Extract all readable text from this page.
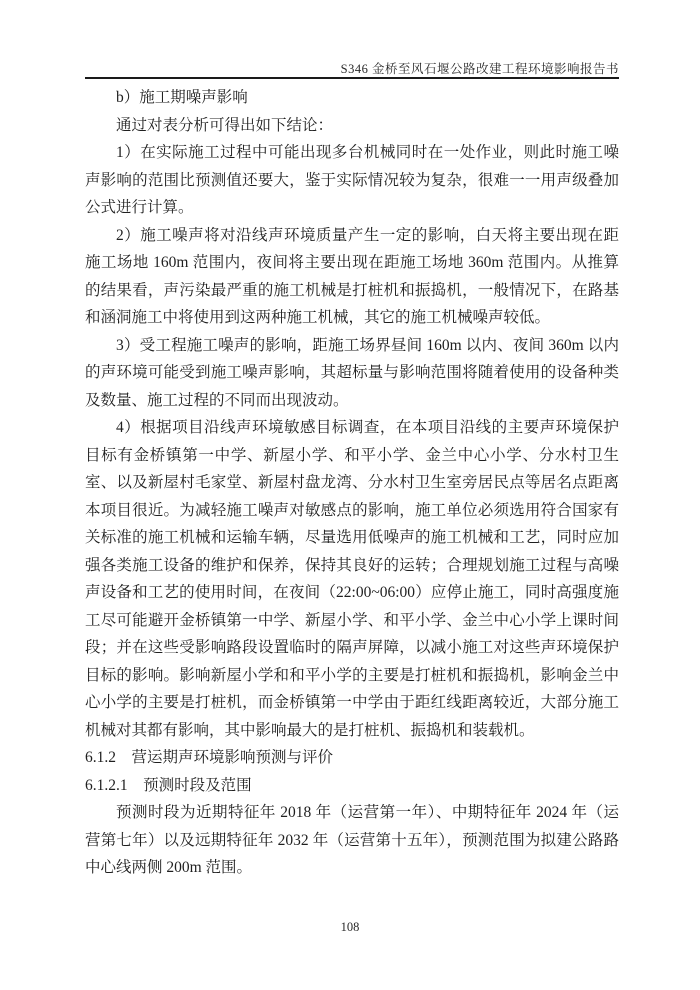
S346 金桥至风石堰公路改建工程环境影响报告书

b）施工期噪声影响

通过对表分析可得出如下结论：

1）在实际施工过程中可能出现多台机械同时在一处作业，则此时施工噪声影响的范围比预测值还要大，鉴于实际情况较为复杂，很难一一用声级叠加公式进行计算。

2）施工噪声将对沿线声环境质量产生一定的影响，白天将主要出现在距施工场地 160m 范围内，夜间将主要出现在距施工场地 360m 范围内。从推算的结果看，声污染最严重的施工机械是打桩机和振捣机，一般情况下，在路基和涵洞施工中将使用到这两种施工机械，其它的施工机械噪声较低。

3）受工程施工噪声的影响，距施工场界昼间 160m 以内、夜间 360m 以内的声环境可能受到施工噪声影响，其超标量与影响范围将随着使用的设备种类及数量、施工过程的不同而出现波动。

4）根据项目沿线声环境敏感目标调查，在本项目沿线的主要声环境保护目标有金桥镇第一中学、新屋小学、和平小学、金兰中心小学、分水村卫生室、以及新屋村毛家堂、新屋村盘龙湾、分水村卫生室旁居民点等居名点距离本项目很近。为减轻施工噪声对敏感点的影响，施工单位必须选用符合国家有关标准的施工机械和运输车辆，尽量选用低噪声的施工机械和工艺，同时应加强各类施工设备的维护和保养，保持其良好的运转；合理规划施工过程与高噪声设备和工艺的使用时间，在夜间（22:00~06:00）应停止施工，同时高强度施工尽可能避开金桥镇第一中学、新屋小学、和平小学、金兰中心小学上课时间段；并在这些受影响路段设置临时的隔声屏障，以减小施工对这些声环境保护目标的影响。影响新屋小学和和平小学的主要是打桩机和振捣机，影响金兰中心小学的主要是打桩机，而金桥镇第一中学由于距红线距离较近，大部分施工机械对其都有影响，其中影响最大的是打桩机、振捣机和装载机。

6.1.2　营运期声环境影响预测与评价

6.1.2.1　预测时段及范围

预测时段为近期特征年 2018 年（运营第一年）、中期特征年 2024 年（运营第七年）以及远期特征年 2032 年（运营第十五年），预测范围为拟建公路路中心线两侧 200m 范围。

108
